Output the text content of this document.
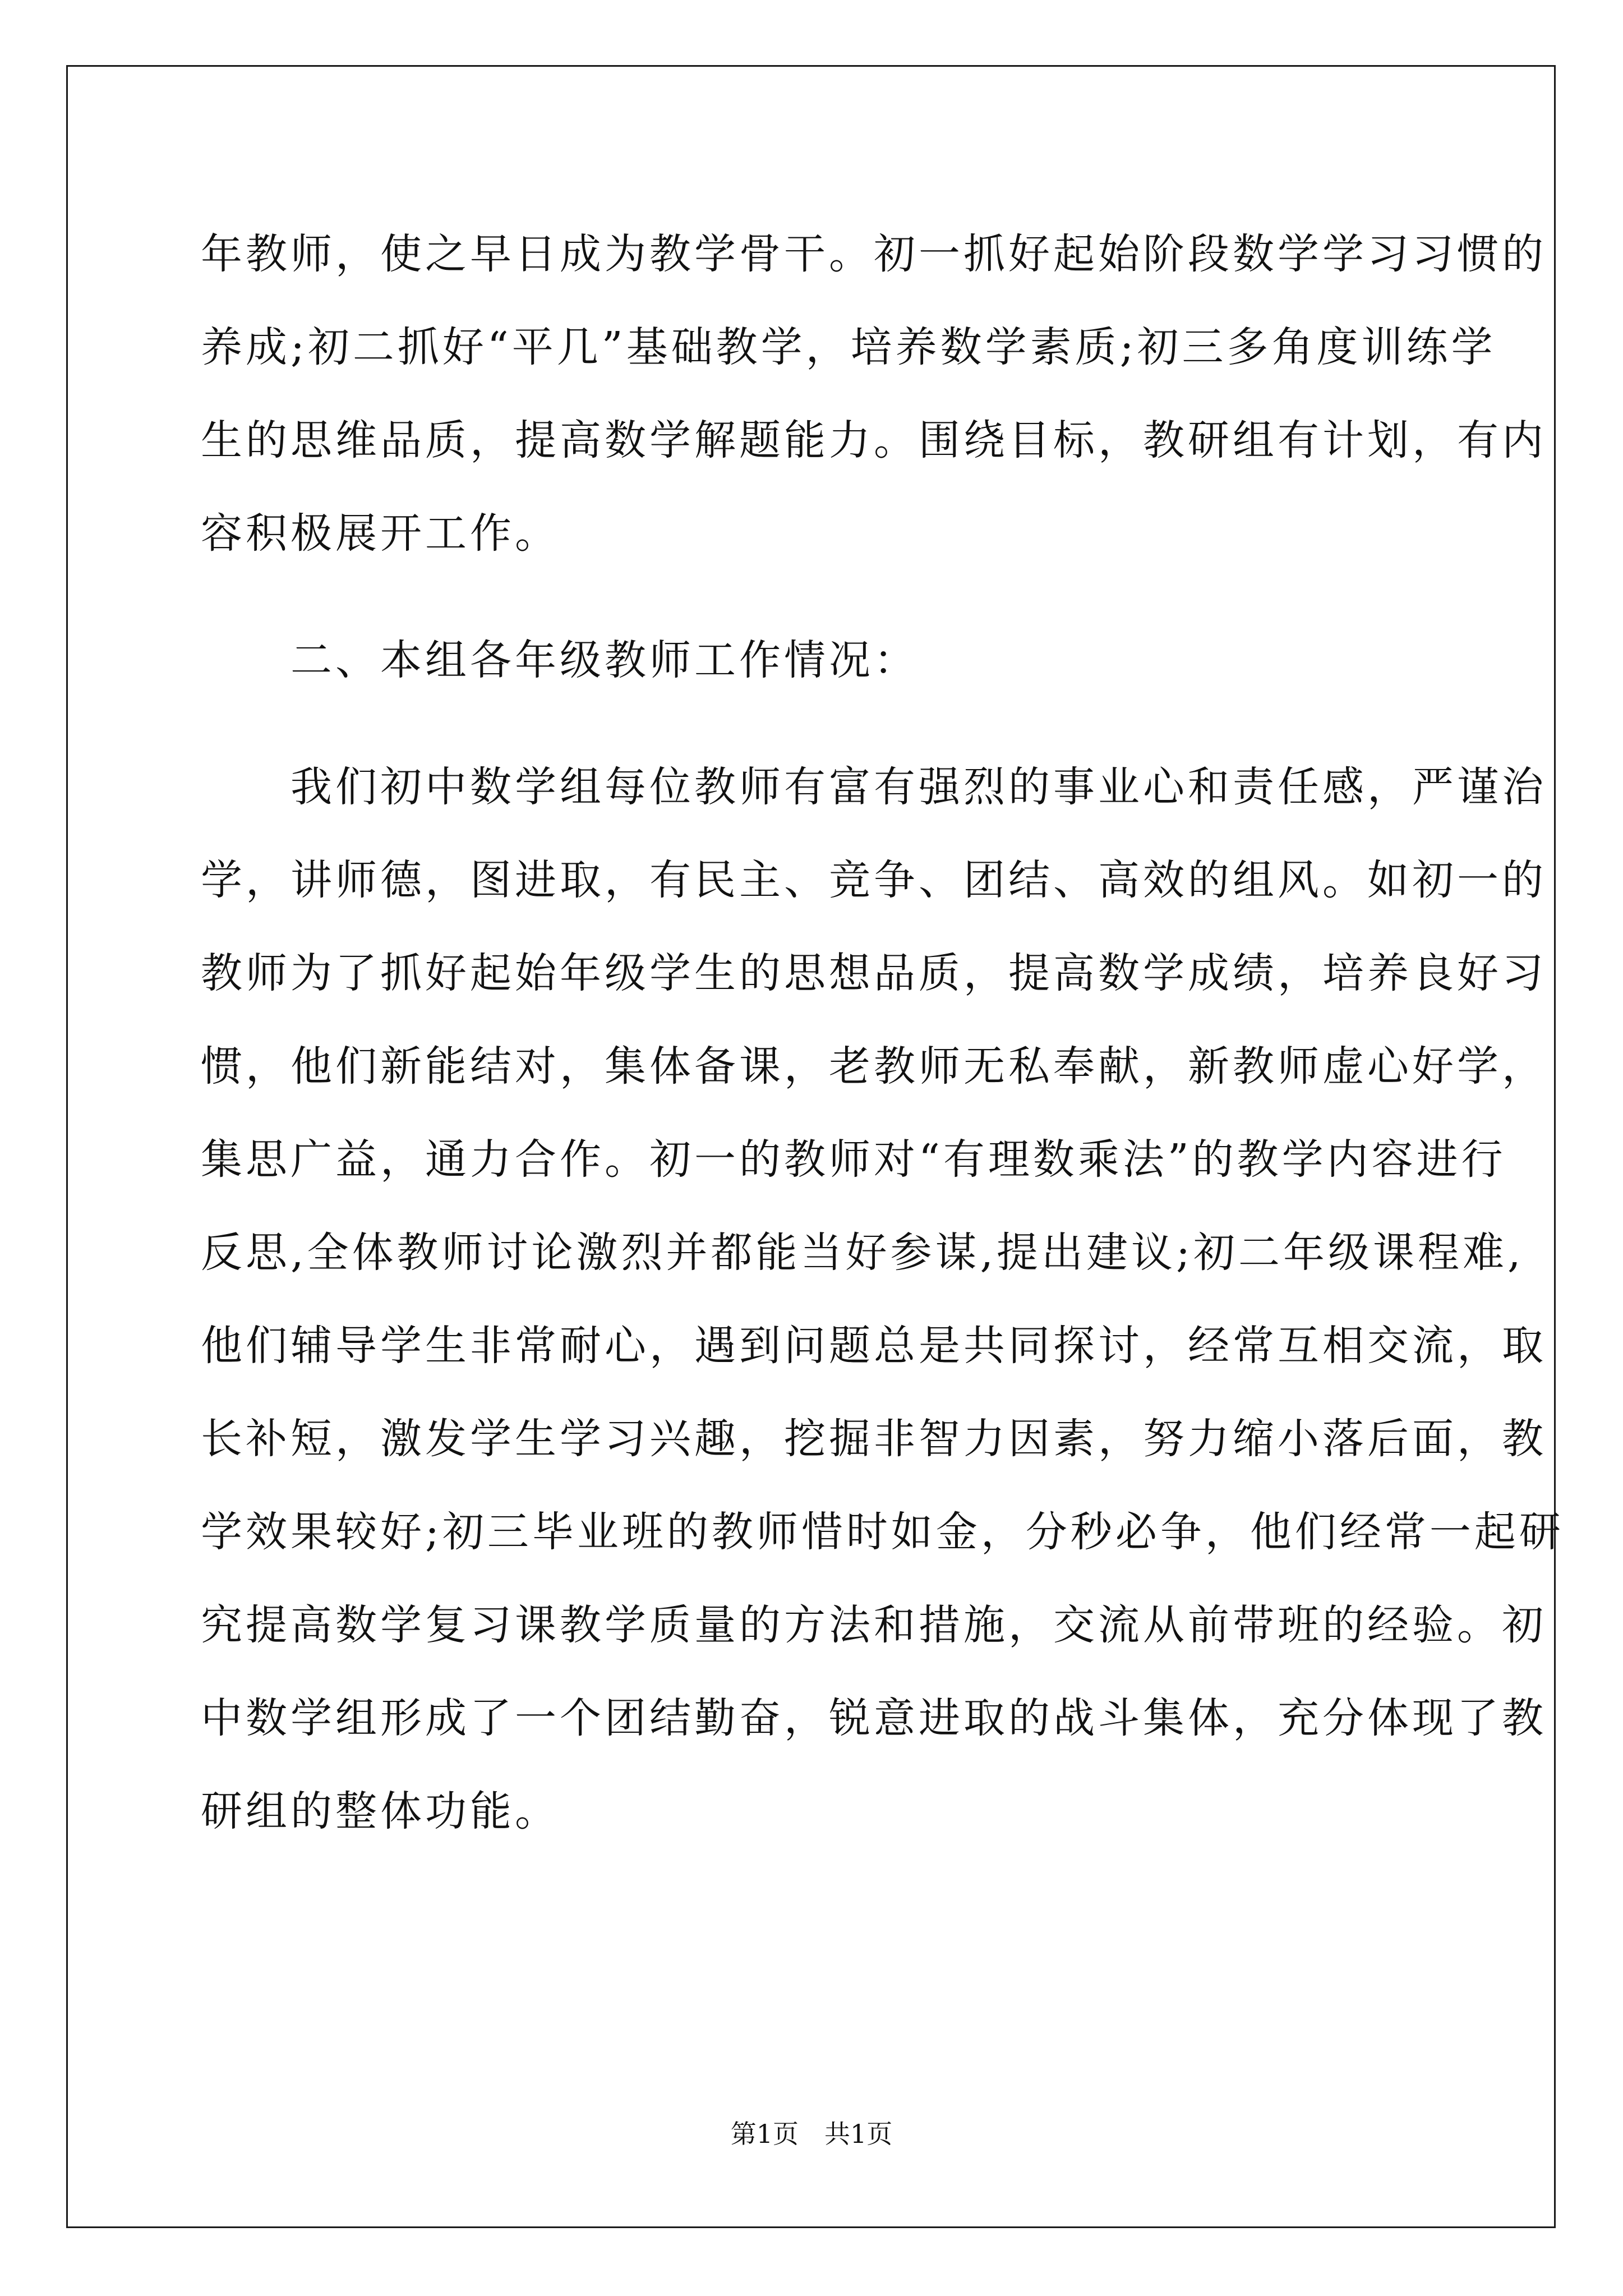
年教师，使之早日成为教学骨干。初一抓好起始阶段数学学习习惯的
养成;初二抓好“平几”基础教学，培养数学素质;初三多角度训练学
生的思维品质，提高数学解题能力。围绕目标，教研组有计划，有内
容积极展开工作。
　　二、本组各年级教师工作情况：
　　我们初中数学组每位教师有富有强烈的事业心和责任感，严谨治
学，讲师德，图进取，有民主、竞争、团结、高效的组风。如初一的
教师为了抓好起始年级学生的思想品质，提高数学成绩，培养良好习
惯，他们新能结对，集体备课，老教师无私奉献，新教师虚心好学，
集思广益，通力合作。初一的教师对“有理数乘法”的教学内容进行
反思,全体教师讨论激烈并都能当好参谋,提出建议;初二年级课程难,
他们辅导学生非常耐心，遇到问题总是共同探讨，经常互相交流，取
长补短，激发学生学习兴趣，挖掘非智力因素，努力缩小落后面，教
学效果较好;初三毕业班的教师惜时如金，分秒必争，他们经常一起研
究提高数学复习课教学质量的方法和措施，交流从前带班的经验。初
中数学组形成了一个团结勤奋，锐意进取的战斗集体，充分体现了教
研组的整体功能。
第1页　共1页
